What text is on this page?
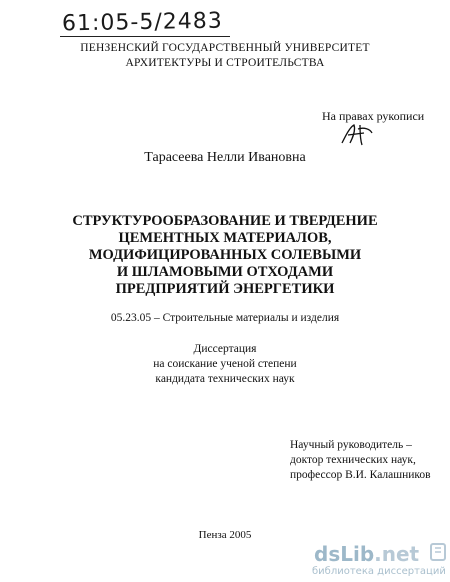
61:05-5/2483
ПЕНЗЕНСКИЙ ГОСУДАРСТВЕННЫЙ УНИВЕРСИТЕТ
АРХИТЕКТУРЫ И СТРОИТЕЛЬСТВА
На правах рукописи
Тарасеева Нелли Ивановна
СТРУКТУРООБРАЗОВАНИЕ И ТВЕРДЕНИЕ
ЦЕМЕНТНЫХ МАТЕРИАЛОВ,
МОДИФИЦИРОВАННЫХ СОЛЕВЫМИ
И ШЛАМОВЫМИ ОТХОДАМИ
ПРЕДПРИЯТИЙ ЭНЕРГЕТИКИ
05.23.05 – Строительные материалы и изделия
Диссертация
на соискание ученой степени
кандидата технических наук
Научный руководитель –
доктор технических наук,
профессор В.И. Калашников
Пенза 2005
dsLib.net
библиотека диссертаций
